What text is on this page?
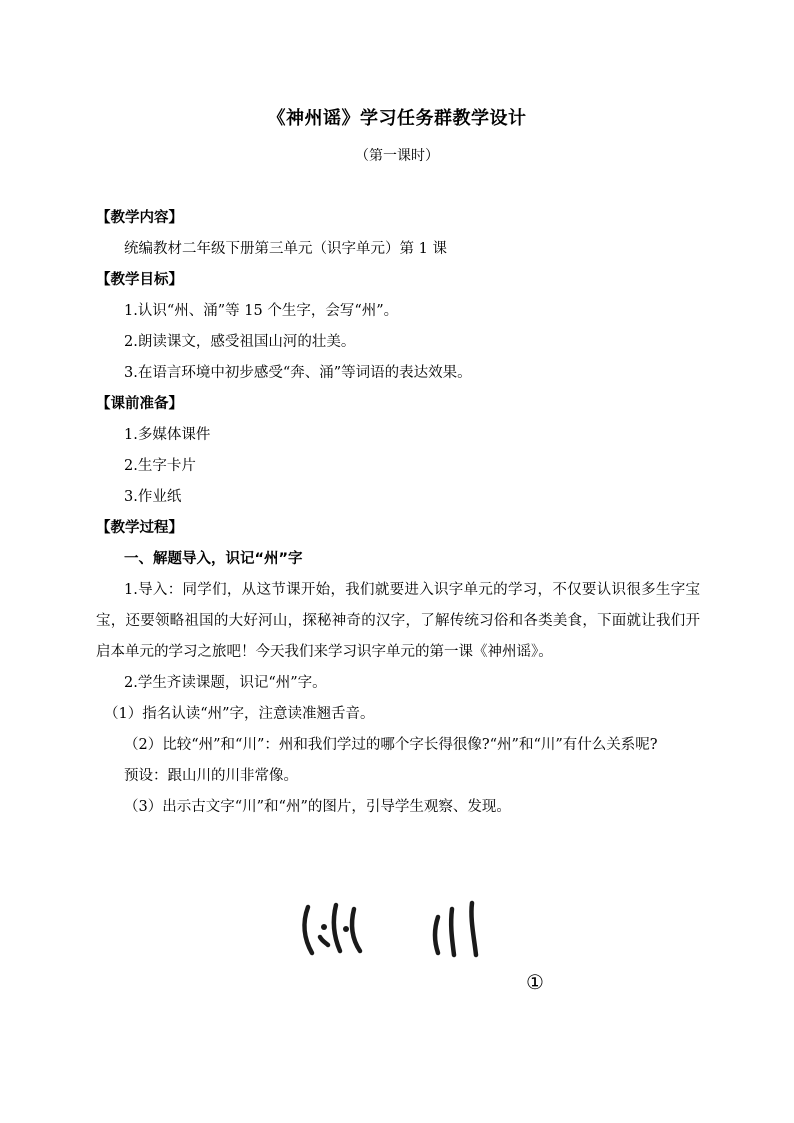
《神州谣》学习任务群教学设计
（第一课时）
【教学内容】
统编教材二年级下册第三单元（识字单元）第 1 课
【教学目标】
1.认识“州、涌”等 15 个生字，会写“州”。
2.朗读课文，感受祖国山河的壮美。
3.在语言环境中初步感受“奔、涌”等词语的表达效果。
【课前准备】
1.多媒体课件
2.生字卡片
3.作业纸
【教学过程】
一、解题导入，识记“州”字
1.导入：同学们，从这节课开始，我们就要进入识字单元的学习，不仅要认识很多生字宝宝，还要领略祖国的大好河山，探秘神奇的汉字，了解传统习俗和各类美食，下面就让我们开启本单元的学习之旅吧！今天我们来学习识字单元的第一课《神州谣》。
2.学生齐读课题，识记“州”字。
（1）指名认读“州”字，注意读准翘舌音。
（2）比较“州”和“川”：州和我们学过的哪个字长得很像?“州”和“川”有什么关系呢?
预设：跟山川的川非常像。
（3）出示古文字“川”和“州”的图片，引导学生观察、发现。
①
